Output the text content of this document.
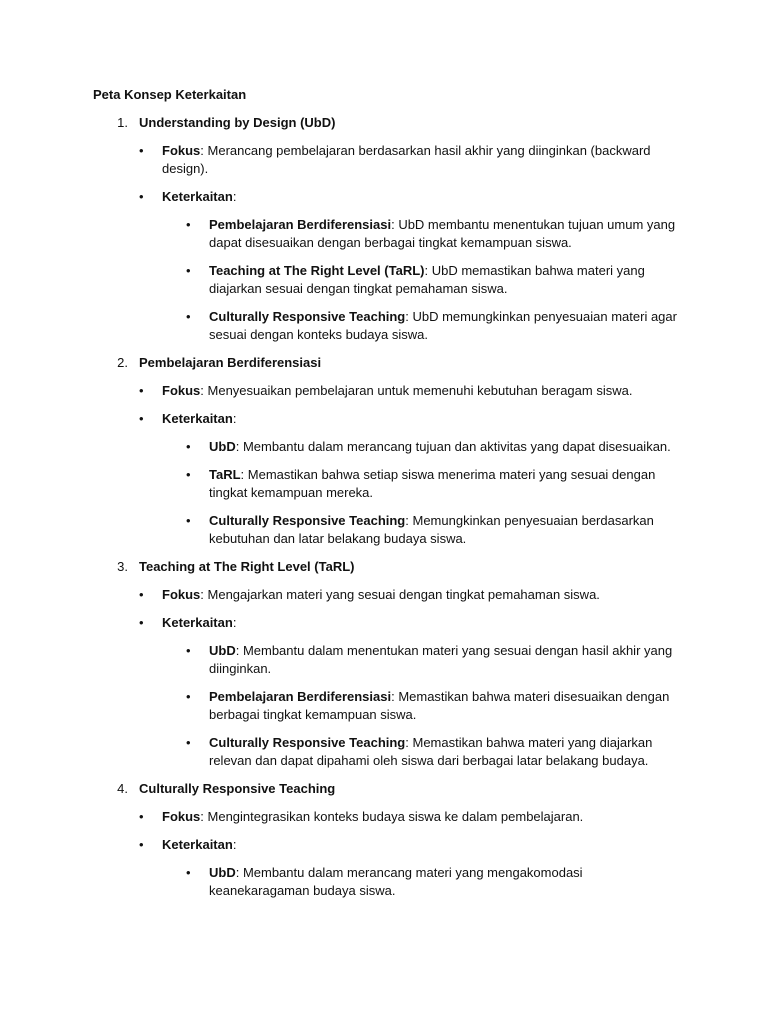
Peta Konsep Keterkaitan
1. Understanding by Design (UbD)
•	Fokus: Merancang pembelajaran berdasarkan hasil akhir yang diinginkan (backward design).
•	Keterkaitan:
•	Pembelajaran Berdiferensiasi: UbD membantu menentukan tujuan umum yang dapat disesuaikan dengan berbagai tingkat kemampuan siswa.
•	Teaching at The Right Level (TaRL): UbD memastikan bahwa materi yang diajarkan sesuai dengan tingkat pemahaman siswa.
•	Culturally Responsive Teaching: UbD memungkinkan penyesuaian materi agar sesuai dengan konteks budaya siswa.
2. Pembelajaran Berdiferensiasi
•	Fokus: Menyesuaikan pembelajaran untuk memenuhi kebutuhan beragam siswa.
•	Keterkaitan:
•	UbD: Membantu dalam merancang tujuan dan aktivitas yang dapat disesuaikan.
•	TaRL: Memastikan bahwa setiap siswa menerima materi yang sesuai dengan tingkat kemampuan mereka.
•	Culturally Responsive Teaching: Memungkinkan penyesuaian berdasarkan kebutuhan dan latar belakang budaya siswa.
3. Teaching at The Right Level (TaRL)
•	Fokus: Mengajarkan materi yang sesuai dengan tingkat pemahaman siswa.
•	Keterkaitan:
•	UbD: Membantu dalam menentukan materi yang sesuai dengan hasil akhir yang diinginkan.
•	Pembelajaran Berdiferensiasi: Memastikan bahwa materi disesuaikan dengan berbagai tingkat kemampuan siswa.
•	Culturally Responsive Teaching: Memastikan bahwa materi yang diajarkan relevan dan dapat dipahami oleh siswa dari berbagai latar belakang budaya.
4. Culturally Responsive Teaching
•	Fokus: Mengintegrasikan konteks budaya siswa ke dalam pembelajaran.
•	Keterkaitan:
•	UbD: Membantu dalam merancang materi yang mengakomodasi keanekaragaman budaya siswa.
